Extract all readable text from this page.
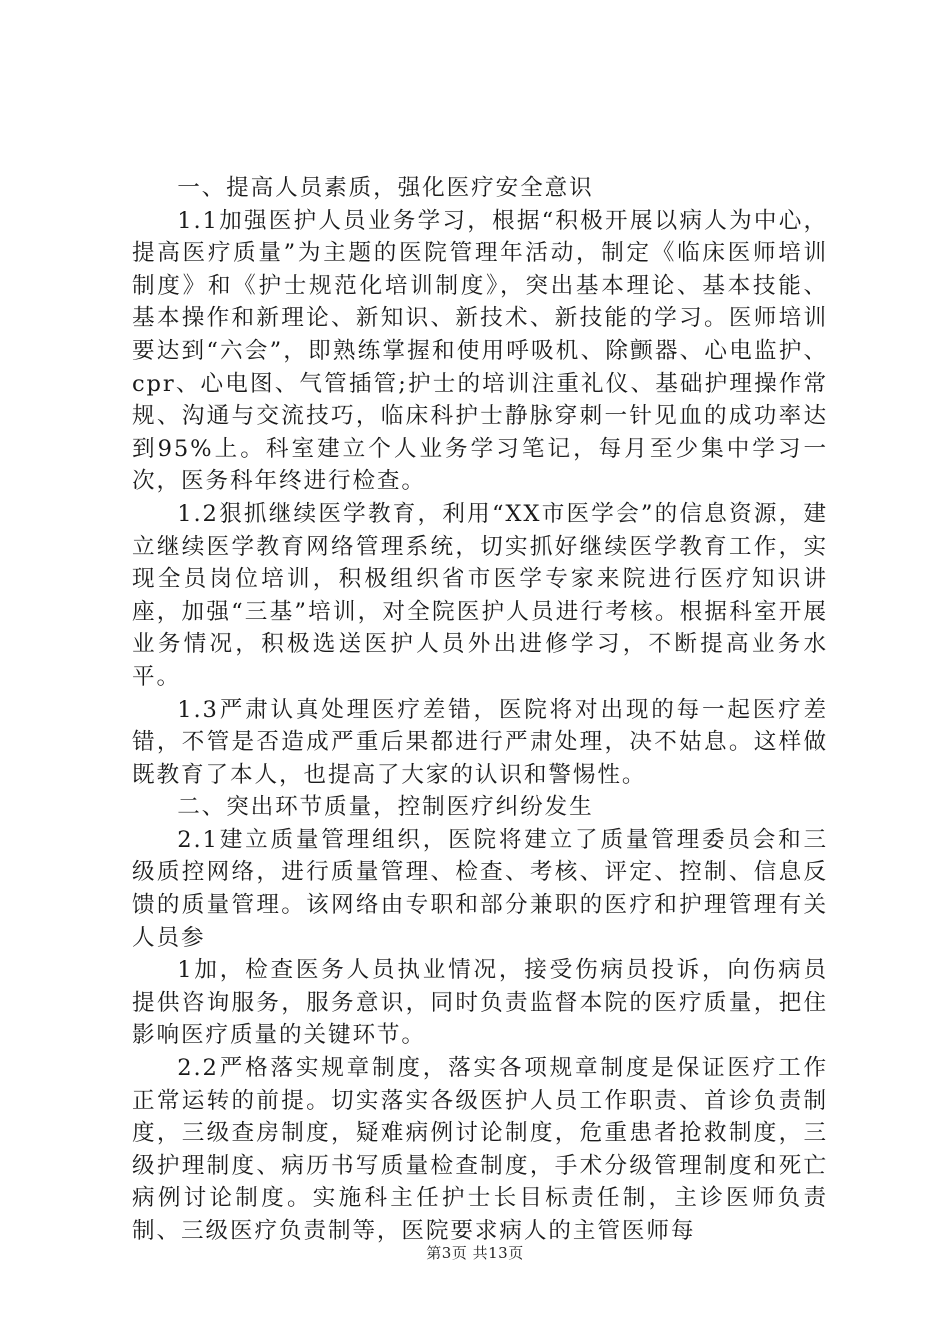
一、提高人员素质，强化医疗安全意识

1.1加强医护人员业务学习，根据“积极开展以病人为中心，提高医疗质量”为主题的医院管理年活动，制定《临床医师培训制度》和《护士规范化培训制度》，突出基本理论、基本技能、基本操作和新理论、新知识、新技术、新技能的学习。医师培训要达到“六会”，即熟练掌握和使用呼吸机、除颤器、心电监护、cpr、心电图、气管插管;护士的培训注重礼仪、基础护理操作常规、沟通与交流技巧，临床科护士静脉穿刺一针见血的成功率达到95%上。科室建立个人业务学习笔记，每月至少集中学习一次，医务科年终进行检查。

1.2狠抓继续医学教育，利用“XX市医学会”的信息资源，建立继续医学教育网络管理系统，切实抓好继续医学教育工作，实现全员岗位培训，积极组织省市医学专家来院进行医疗知识讲座，加强“三基”培训，对全院医护人员进行考核。根据科室开展业务情况，积极选送医护人员外出进修学习，不断提高业务水平。

1.3严肃认真处理医疗差错，医院将对出现的每一起医疗差错，不管是否造成严重后果都进行严肃处理，决不姑息。这样做既教育了本人，也提高了大家的认识和警惕性。

二、突出环节质量，控制医疗纠纷发生

2.1建立质量管理组织，医院将建立了质量管理委员会和三级质控网络，进行质量管理、检查、考核、评定、控制、信息反馈的质量管理。该网络由专职和部分兼职的医疗和护理管理有关人员参

1加，检查医务人员执业情况，接受伤病员投诉，向伤病员提供咨询服务，服务意识，同时负责监督本院的医疗质量，把住影响医疗质量的关键环节。

2.2严格落实规章制度，落实各项规章制度是保证医疗工作正常运转的前提。切实落实各级医护人员工作职责、首诊负责制度，三级查房制度，疑难病例讨论制度，危重患者抢救制度，三级护理制度、病历书写质量检查制度，手术分级管理制度和死亡病例讨论制度。实施科主任护士长目标责任制，主诊医师负责制、三级医疗负责制等，医院要求病人的主管医师每

第3页 共13页
